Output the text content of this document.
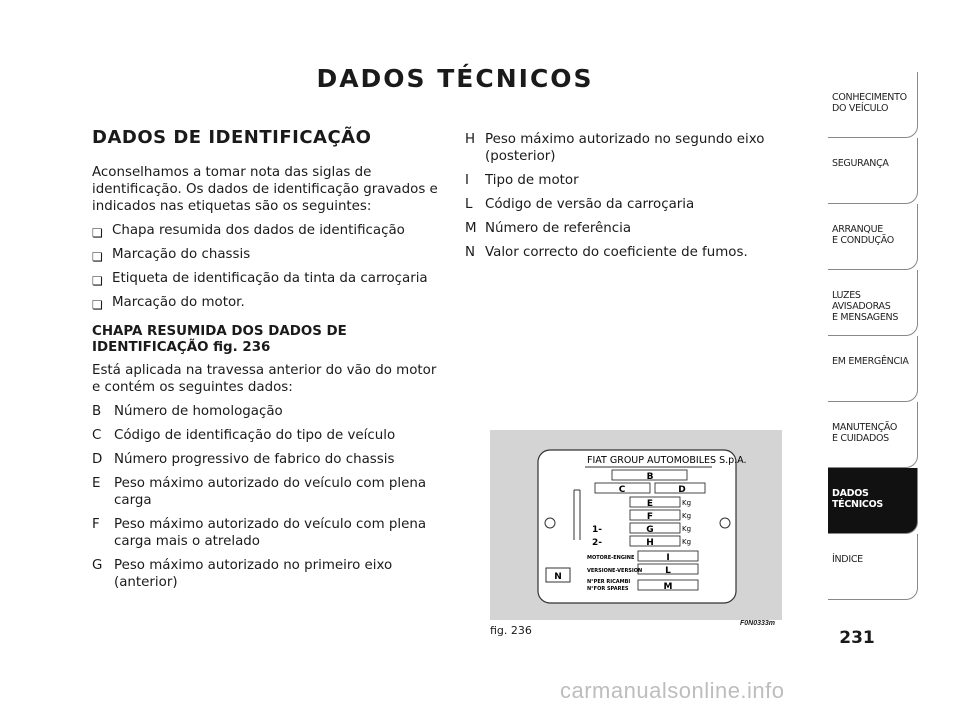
DADOS TÉCNICOS
DADOS DE IDENTIFICAÇÃO

Aconselhamos a tomar nota das siglas de identificação. Os dados de identificação gravados e indicados nas etiquetas são os seguintes:

❏ Chapa resumida dos dados de identificação

❏ Marcação do chassis

❏ Etiqueta de identificação da tinta da carroçaria

❏ Marcação do motor.

CHAPA RESUMIDA DOS DADOS DE IDENTIFICAÇÃO fig. 236

Está aplicada na travessa anterior do vão do motor e contém os seguintes dados:

B Número de homologação

C Código de identificação do tipo de veículo

D Número progressivo de fabrico do chassis

E Peso máximo autorizado do veículo com plena carga

F Peso máximo autorizado do veículo com plena carga mais o atrelado

G Peso máximo autorizado no primeiro eixo (anterior)

H Peso máximo autorizado no segundo eixo (posterior)

I Tipo de motor

L Código de versão da carroçaria

M Número de referência

N Valor correcto do coeficiente de fumos.

N
FIAT GROUP AUTOMOBILES S.p.A.
B
C	D
E
F
G
H
I
L
M
Kg
Kg
Kg
Kg
1-
2-
MOTORE-ENGINE
VERSIONE-VERSION
N°PER RICAMBI
N°FOR SPARES
fig. 236
F0N0333m
CONHECIMENTO
DO VEÍCULO
SEGURANÇA
ARRANQUE
E CONDUÇÃO
LUZES
AVISADORAS
E MENSAGENS
EM EMERGÊNCIA
MANUTENÇÃO
E CUIDADOS
DADOS
TÉCNICOS
ÍNDICE
231
carmanualsonline.info
